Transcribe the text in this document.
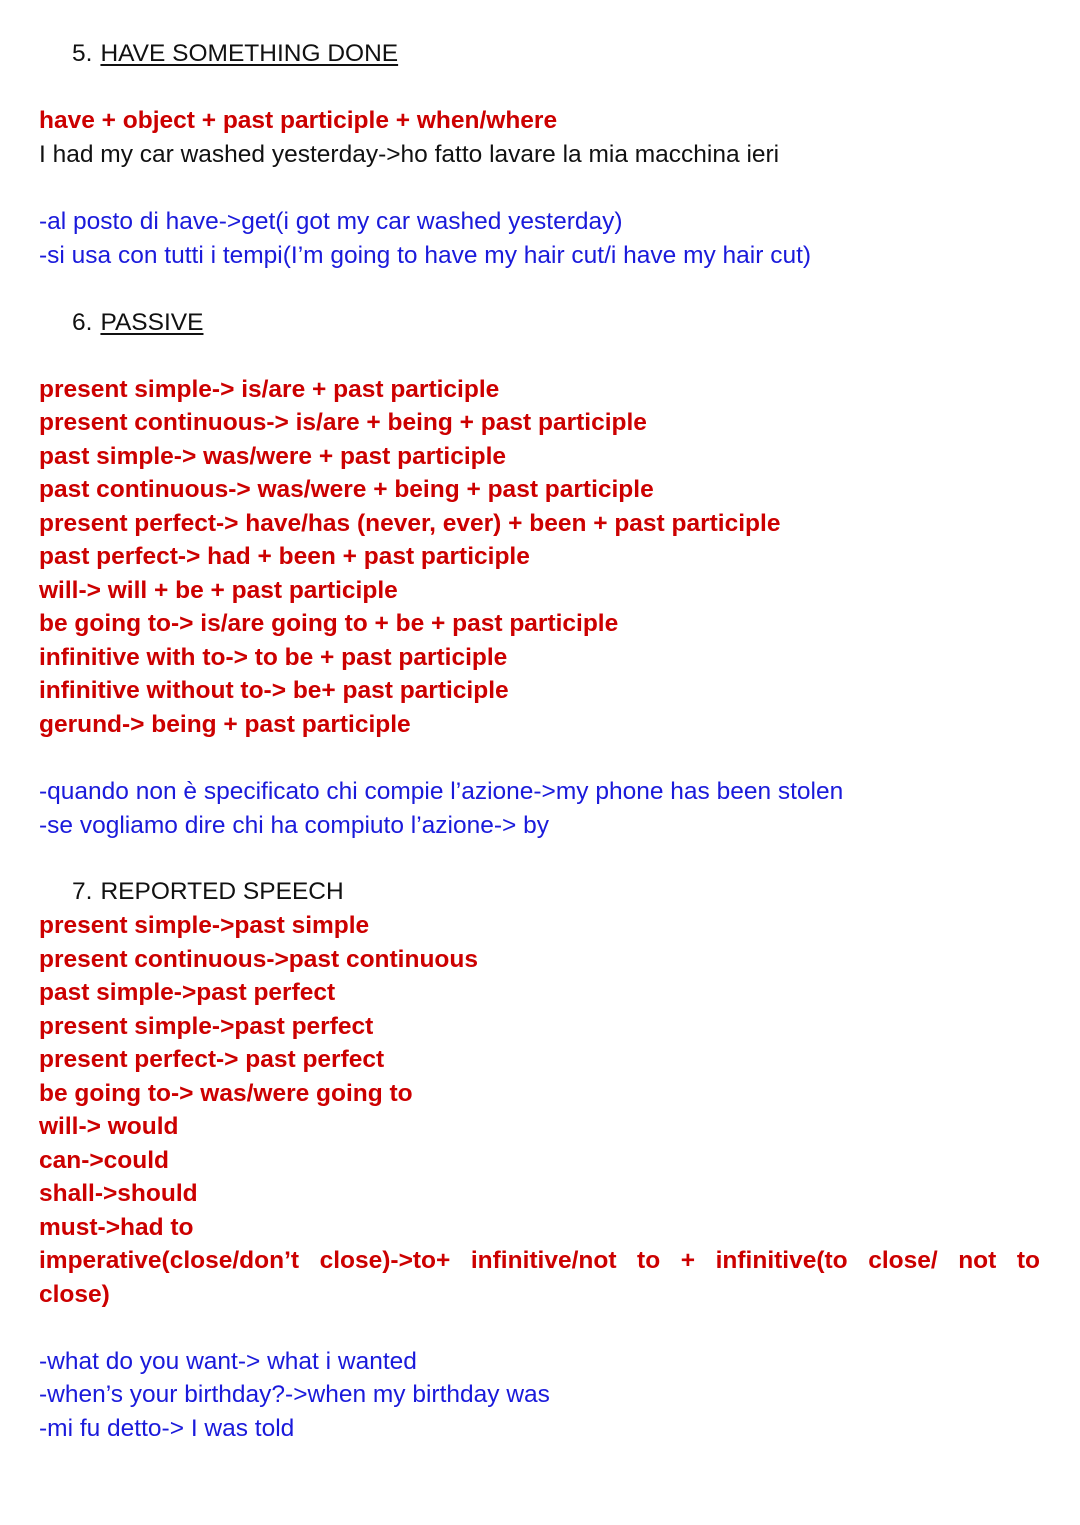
5. HAVE SOMETHING DONE
have + object + past participle + when/where
I had my car washed yesterday->ho fatto lavare la mia macchina ieri
-al posto di have->get(i got my car washed yesterday)
-si usa con tutti i tempi(I’m going to have my hair cut/i have my hair cut)
6. PASSIVE
present simple-> is/are + past participle
present continuous-> is/are + being + past participle
past simple-> was/were + past participle
past continuous-> was/were + being + past participle
present perfect-> have/has (never, ever) + been + past participle
past perfect-> had + been + past participle
will-> will + be + past participle
be going to-> is/are going to + be + past participle
infinitive with to-> to be + past participle
infinitive without to-> be+ past participle
gerund-> being + past participle
-quando non è specificato chi compie l’azione->my phone has been stolen
-se vogliamo dire chi ha compiuto l’azione-> by
7. REPORTED SPEECH
present simple->past simple
present continuous->past continuous
past simple->past perfect
present simple->past perfect
present perfect-> past perfect
be going to-> was/were going to
will-> would
can->could
shall->should
must->had to
imperative(close/don’t close)->to+ infinitive/not to + infinitive(to close/ not to close)
-what do you want-> what i wanted
-when’s your birthday?->when my birthday was
-mi fu detto-> I was told
